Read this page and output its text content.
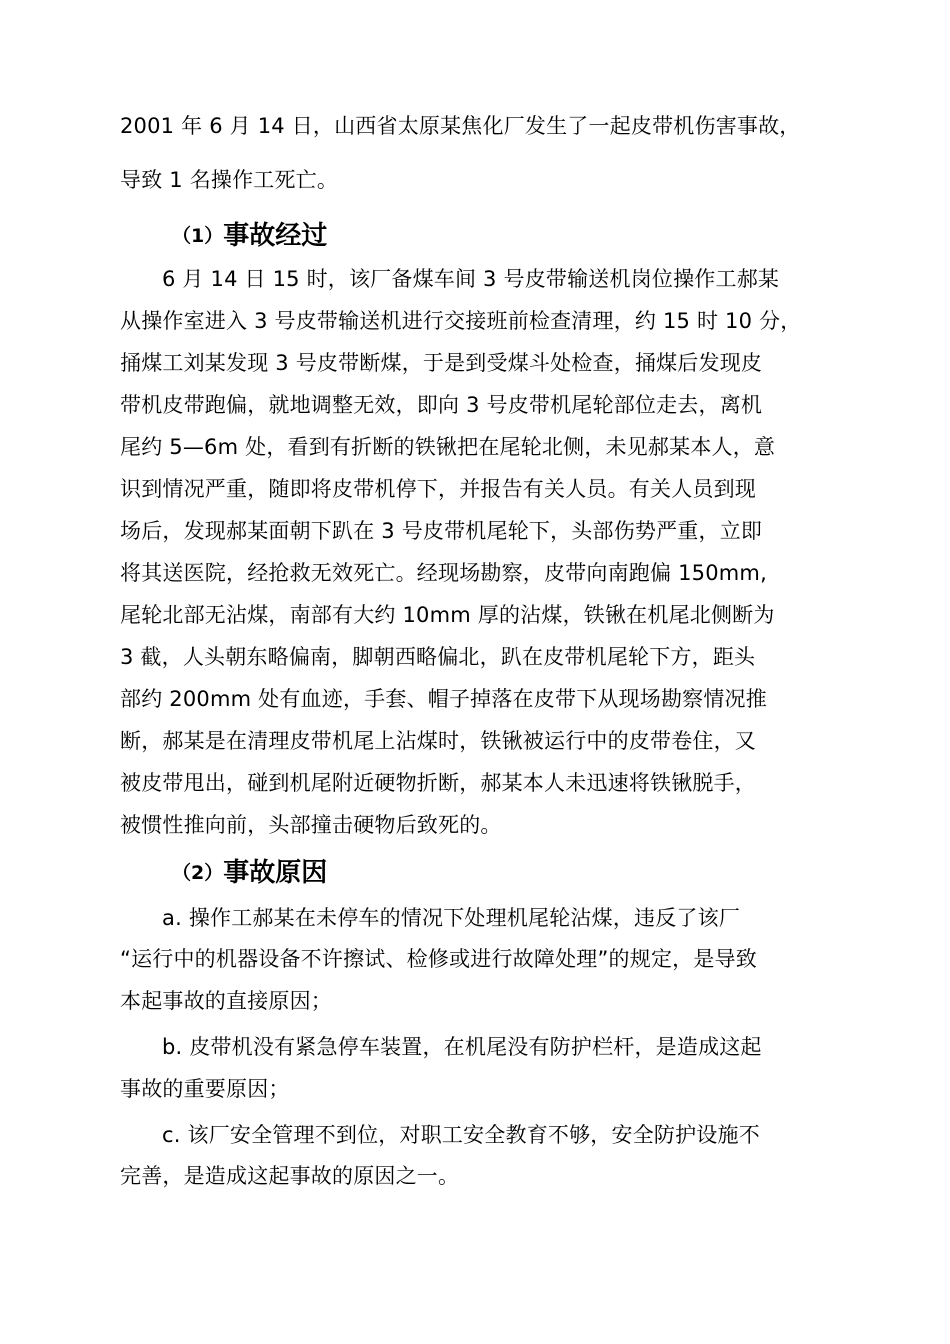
2001 年 6 月 14 日，山西省太原某焦化厂发生了一起皮带机伤害事故，
导致 1 名操作工死亡。
（1）事故经过
6 月 14 日 15 时，该厂备煤车间 3 号皮带输送机岗位操作工郝某
从操作室进入 3 号皮带输送机进行交接班前检查清理，约 15 时 10 分，
捅煤工刘某发现 3 号皮带断煤，于是到受煤斗处检查，捅煤后发现皮
带机皮带跑偏，就地调整无效，即向 3 号皮带机尾轮部位走去，离机
尾约 5—6m 处，看到有折断的铁锹把在尾轮北侧，未见郝某本人，意
识到情况严重，随即将皮带机停下，并报告有关人员。有关人员到现
场后，发现郝某面朝下趴在 3 号皮带机尾轮下，头部伤势严重，立即
将其送医院，经抢救无效死亡。经现场勘察，皮带向南跑偏 150mm,
尾轮北部无沾煤，南部有大约 10mm 厚的沾煤，铁锹在机尾北侧断为
3 截，人头朝东略偏南，脚朝西略偏北，趴在皮带机尾轮下方，距头
部约 200mm 处有血迹，手套、帽子掉落在皮带下从现场勘察情况推
断，郝某是在清理皮带机尾上沾煤时，铁锹被运行中的皮带卷住，又
被皮带甩出，碰到机尾附近硬物折断，郝某本人未迅速将铁锹脱手，
被惯性推向前，头部撞击硬物后致死的。
（2）事故原因
a. 操作工郝某在未停车的情况下处理机尾轮沾煤，违反了该厂
“运行中的机器设备不许擦试、检修或进行故障处理”的规定，是导致
本起事故的直接原因；
b. 皮带机没有紧急停车装置，在机尾没有防护栏杆，是造成这起
事故的重要原因；
c. 该厂安全管理不到位，对职工安全教育不够，安全防护设施不
完善，是造成这起事故的原因之一。
